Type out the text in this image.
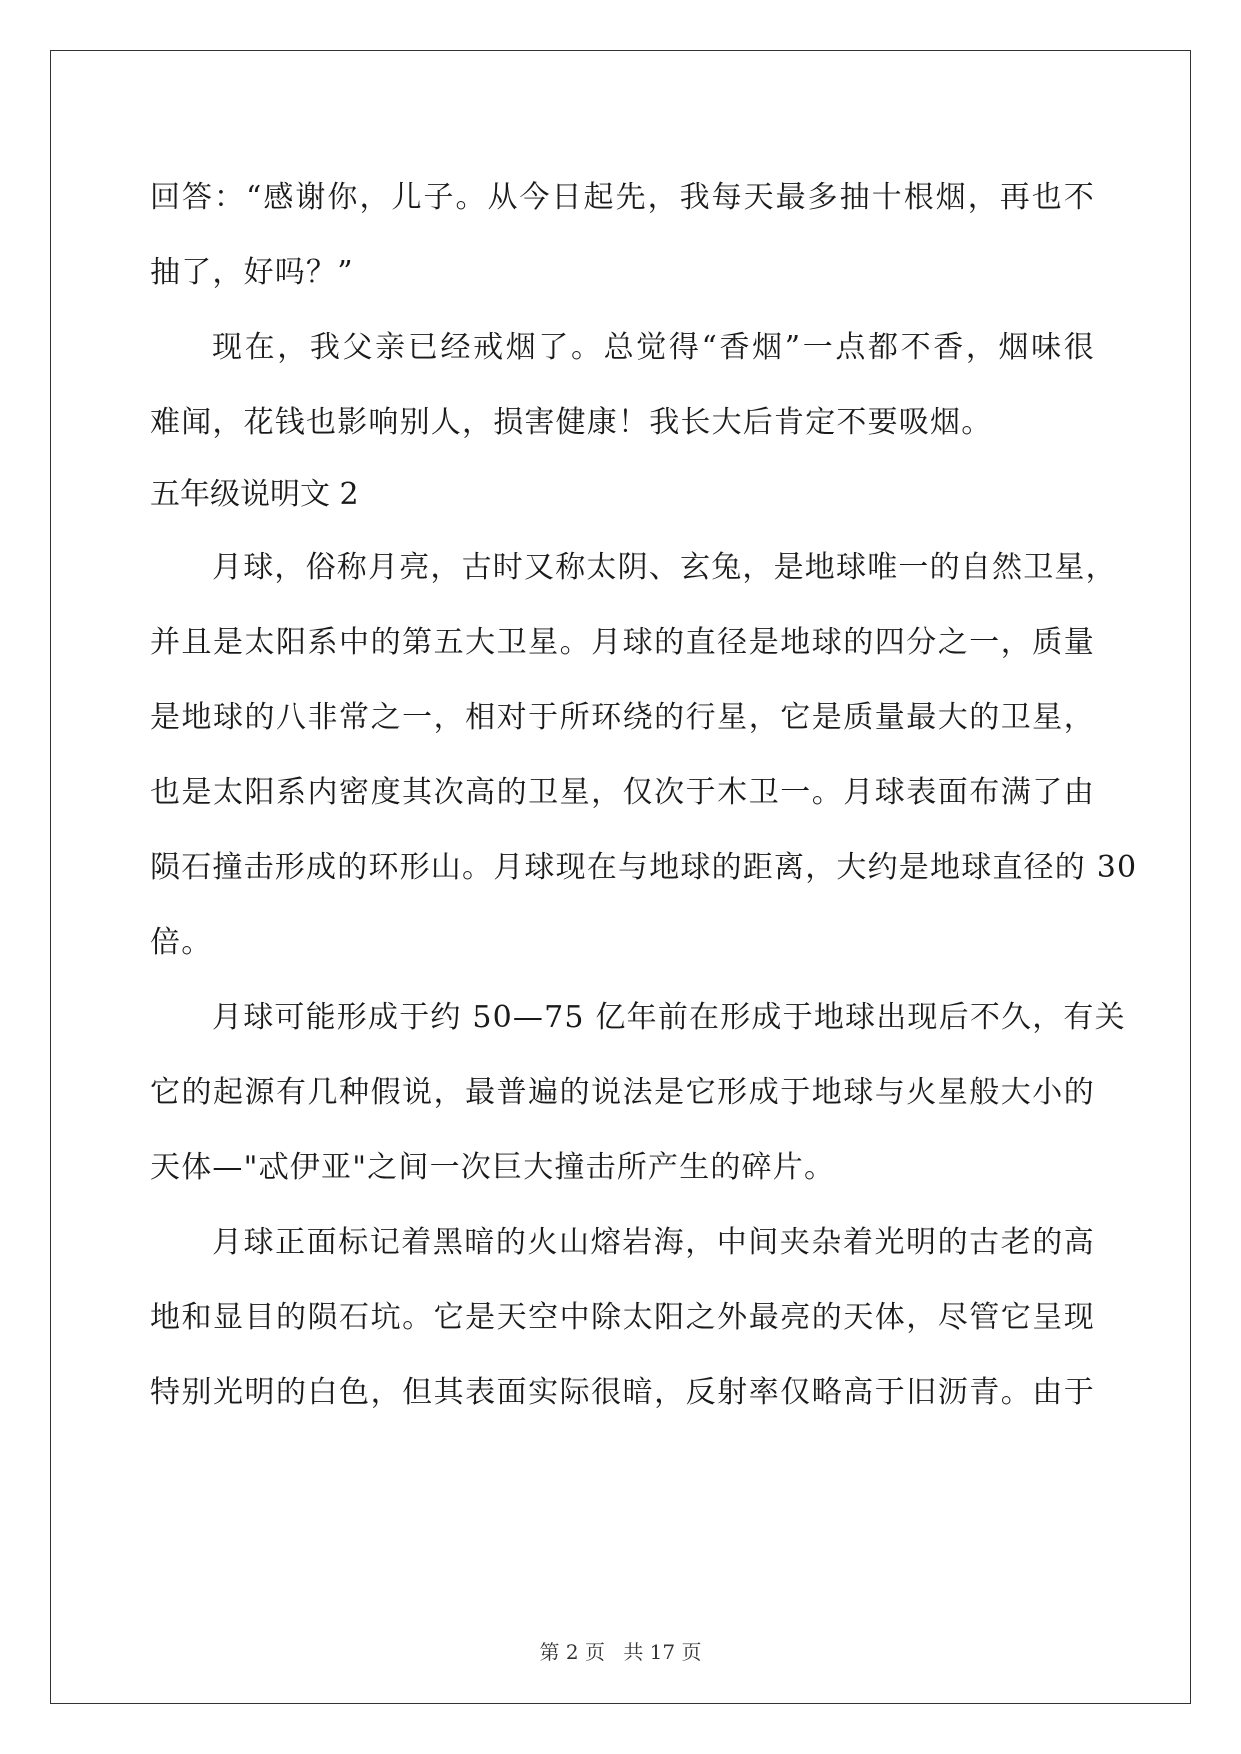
回答：“感谢你，儿子。从今日起先，我每天最多抽十根烟，再也不
抽了，好吗？”
现在，我父亲已经戒烟了。总觉得“香烟”一点都不香，烟味很
难闻，花钱也影响别人，损害健康！我长大后肯定不要吸烟。
五年级说明文 2
月球，俗称月亮，古时又称太阴、玄兔，是地球唯一的自然卫星，
并且是太阳系中的第五大卫星。月球的直径是地球的四分之一，质量
是地球的八非常之一，相对于所环绕的行星，它是质量最大的卫星，
也是太阳系内密度其次高的卫星，仅次于木卫一。月球表面布满了由
陨石撞击形成的环形山。月球现在与地球的距离，大约是地球直径的 30
倍。
月球可能形成于约 50—75 亿年前在形成于地球出现后不久，有关
它的起源有几种假说，最普遍的说法是它形成于地球与火星般大小的
天体—"忒伊亚"之间一次巨大撞击所产生的碎片。
月球正面标记着黑暗的火山熔岩海，中间夹杂着光明的古老的高
地和显目的陨石坑。它是天空中除太阳之外最亮的天体，尽管它呈现
特别光明的白色，但其表面实际很暗，反射率仅略高于旧沥青。由于
第 2 页 共 17 页
